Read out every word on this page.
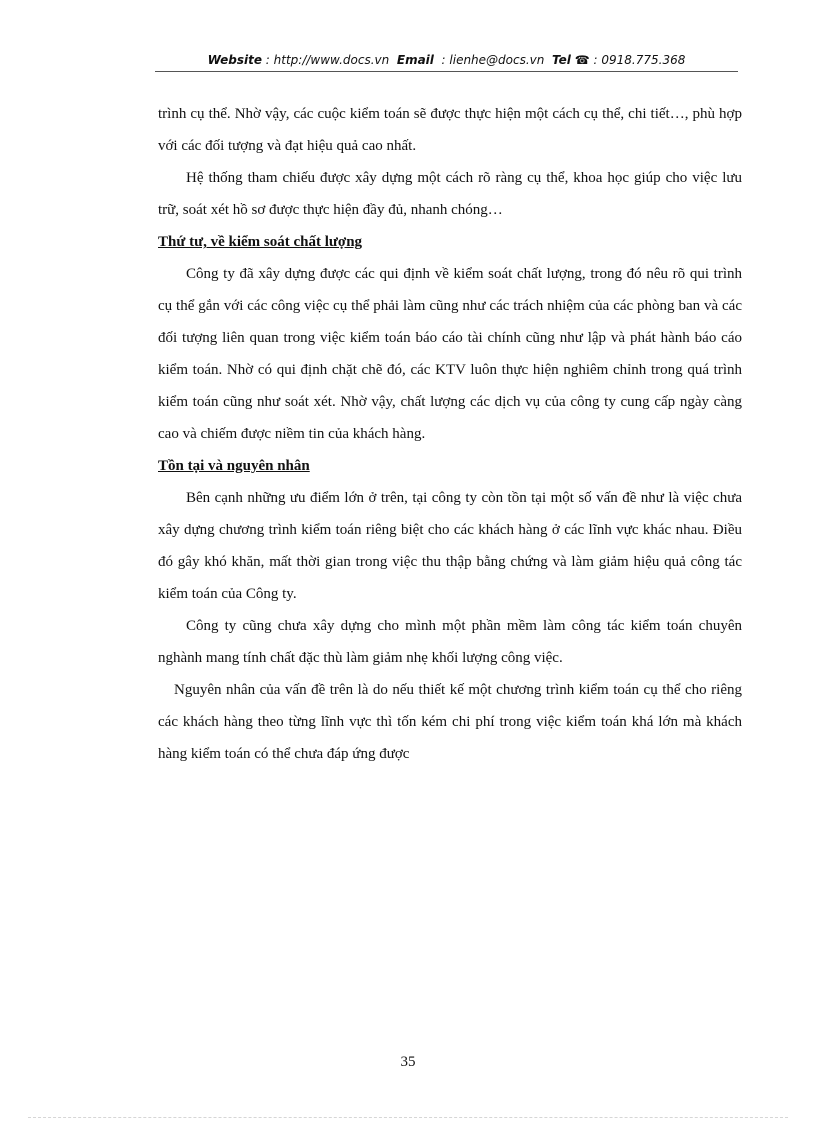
Website : http://www.docs.vn Email : lienhe@docs.vn Tel ☎ : 0918.775.368

trình cụ thể. Nhờ vậy, các cuộc kiểm toán sẽ được thực hiện một cách cụ thể, chi tiết…, phù hợp với các đối tượng và đạt hiệu quả cao nhất.

Hệ thống tham chiếu được xây dựng một cách rõ ràng cụ thể, khoa học giúp cho việc lưu trữ, soát xét hồ sơ được thực hiện đầy đủ, nhanh chóng…

Thứ tư, về kiểm soát chất lượng

Công ty đã xây dựng được các qui định về kiểm soát chất lượng, trong đó nêu rõ qui trình cụ thể gắn với các công việc cụ thể phải làm cũng như các trách nhiệm của các phòng ban và các đối tượng liên quan trong việc kiểm toán báo cáo tài chính cũng như lập và phát hành báo cáo kiểm toán. Nhờ có qui định chặt chẽ đó, các KTV luôn thực hiện nghiêm chỉnh trong quá trình kiểm toán cũng như soát xét. Nhờ vậy, chất lượng các dịch vụ của công ty cung cấp ngày càng cao và chiếm được niềm tin của khách hàng.

Tồn tại và nguyên nhân

Bên cạnh những ưu điểm lớn ở trên, tại công ty còn tồn tại một số vấn đề như là việc chưa xây dựng chương trình kiểm toán riêng biệt cho các khách hàng ở các lĩnh vực khác nhau. Điều đó gây khó khăn, mất thời gian trong việc thu thập bằng chứng và làm giảm hiệu quả công tác kiểm toán của Công ty.

Công ty cũng chưa xây dựng cho mình một phần mềm làm công tác kiểm toán chuyên nghành mang tính chất đặc thù làm giảm nhẹ khối lượng công việc.

Nguyên nhân của vấn đề trên là do nếu thiết kế một chương trình kiểm toán cụ thể cho riêng các khách hàng theo từng lĩnh vực thì tốn kém chi phí trong việc kiểm toán khá lớn mà khách hàng kiểm toán có thể chưa đáp ứng được

35
